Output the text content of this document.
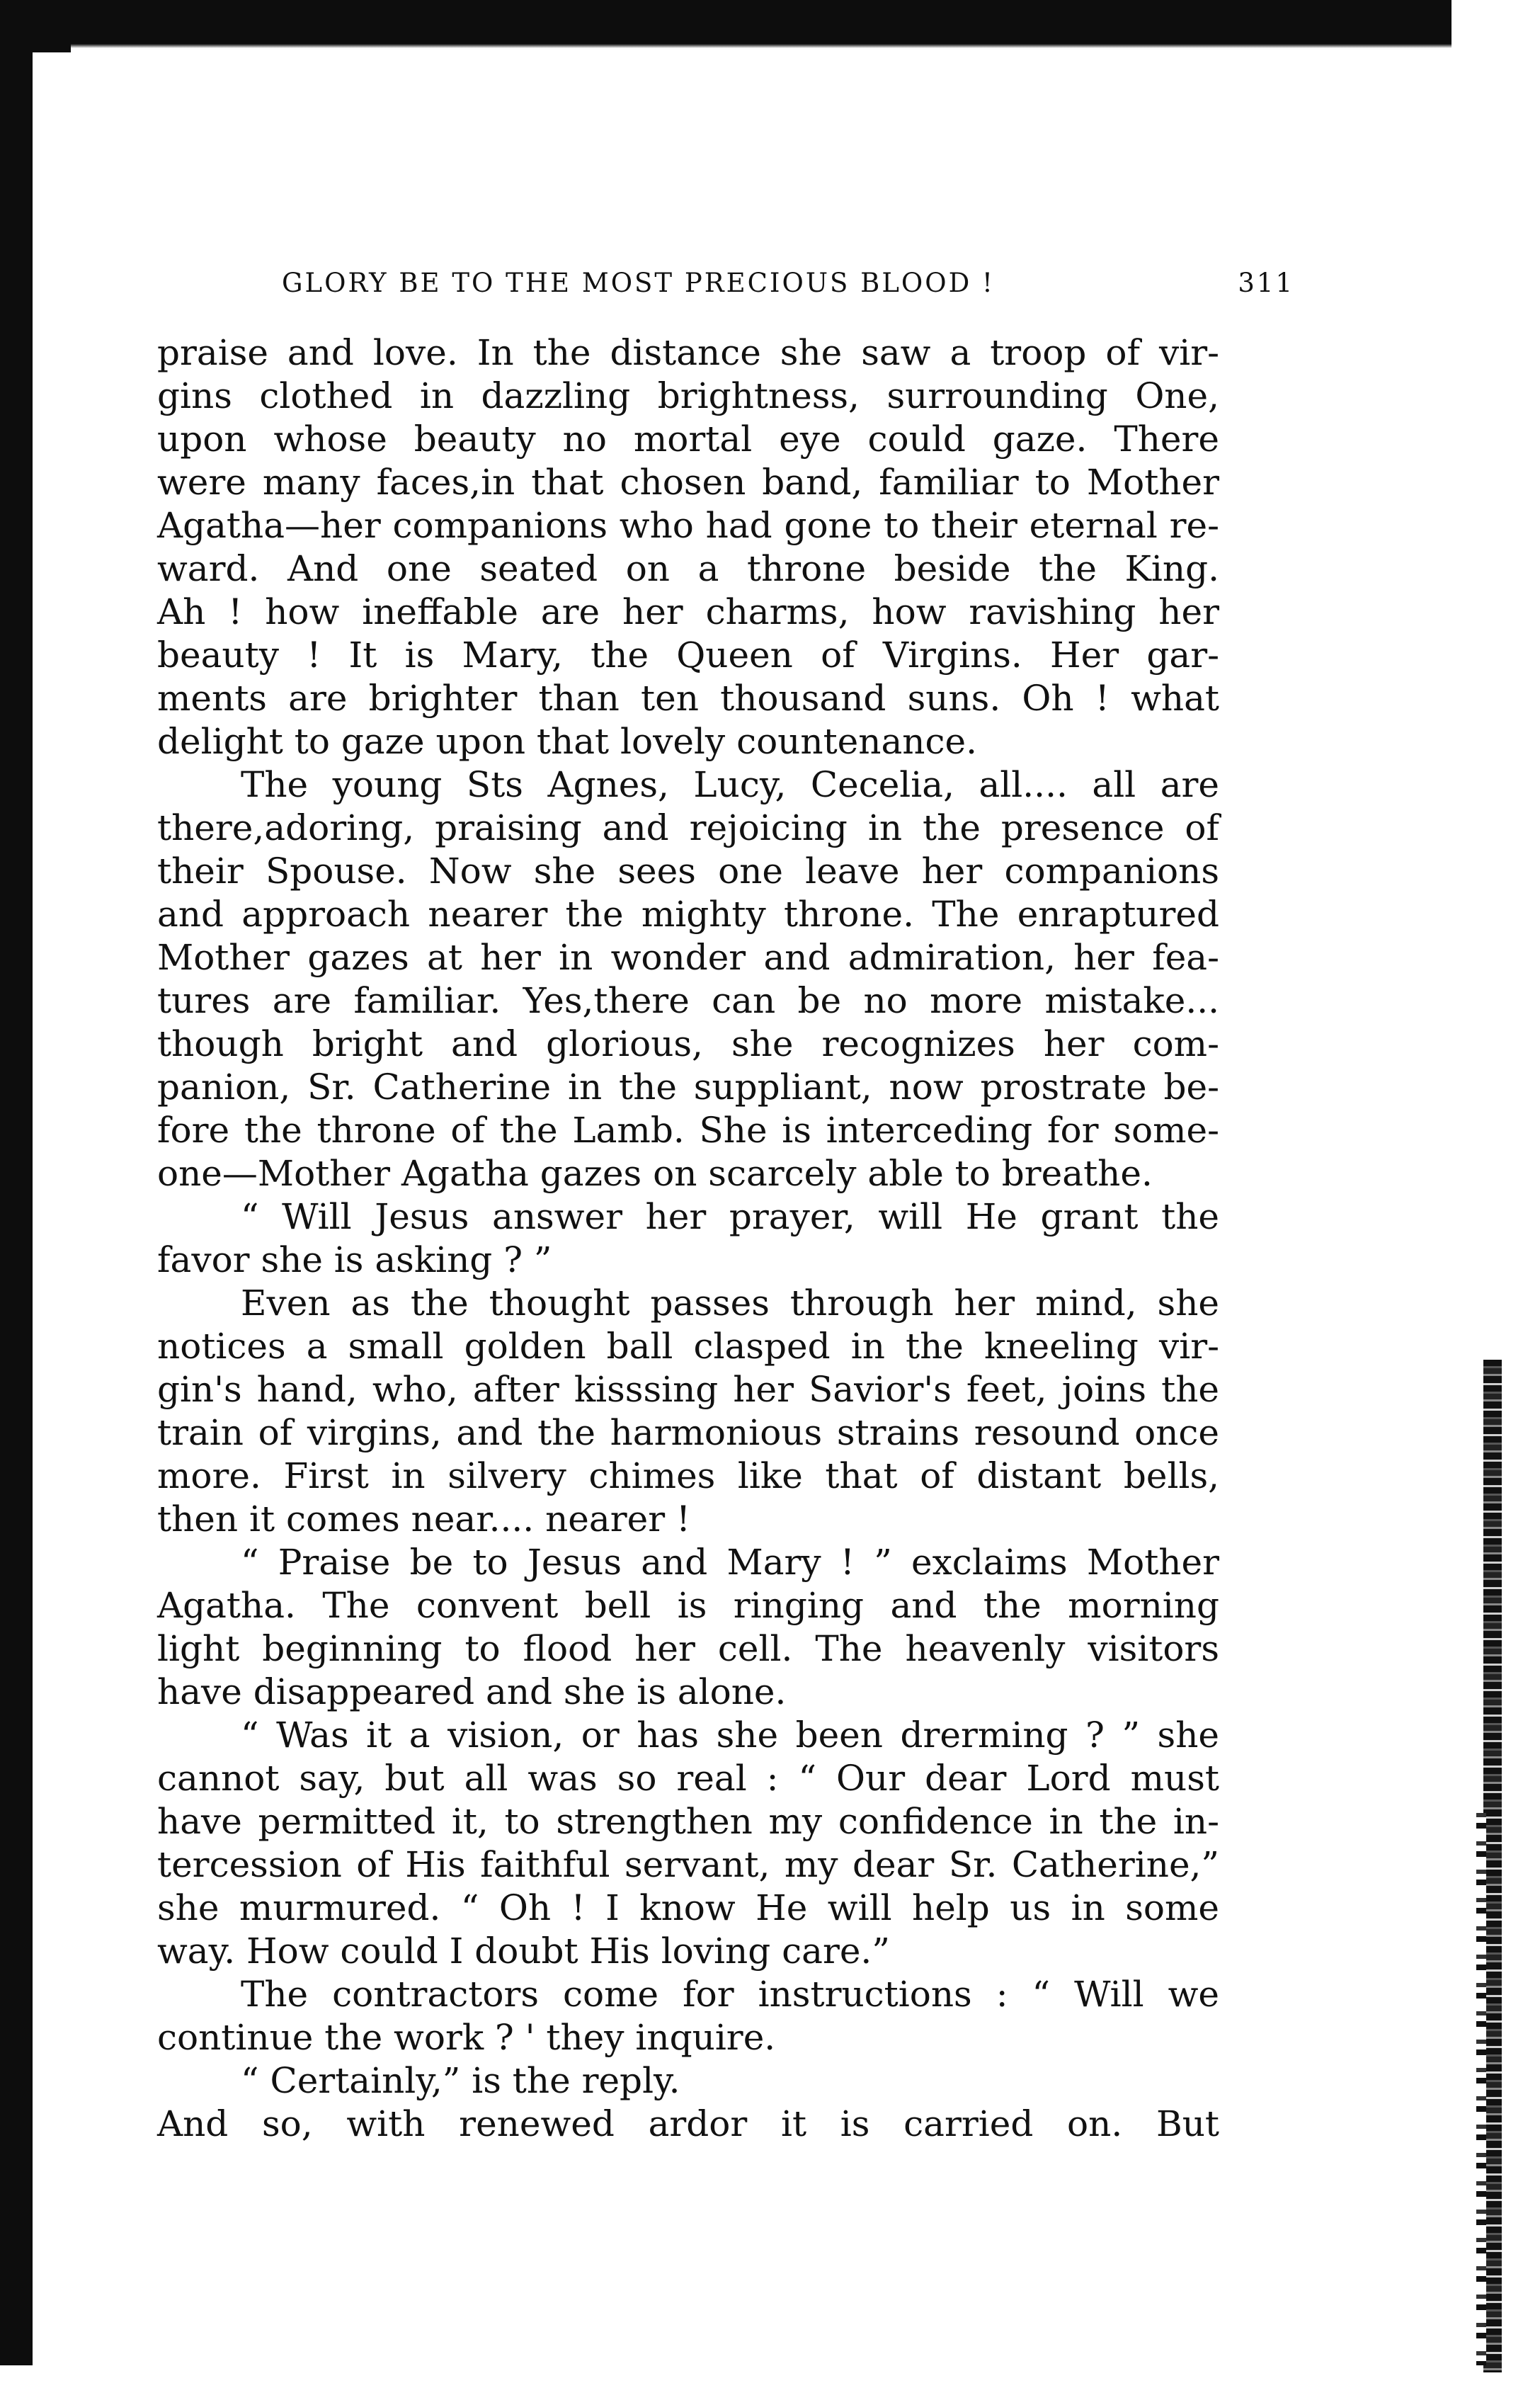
GLORY BE TO THE MOST PRECIOUS BLOOD !	311
praise and love. In the distance she saw a troop of vir-
gins clothed in dazzling brightness, surrounding One,
upon whose beauty no mortal eye could gaze. There
were many faces,in that chosen band, familiar to Mother
Agatha—her companions who had gone to their eternal re-
ward. And one seated on a throne beside the King.
Ah ! how ineffable are her charms, how ravishing her
beauty ! It is Mary, the Queen of Virgins. Her gar-
ments are brighter than ten thousand suns. Oh ! what
delight to gaze upon that lovely countenance.
The young Sts Agnes, Lucy, Cecelia, all.... all are
there,adoring, praising and rejoicing in the presence of
their Spouse. Now she sees one leave her companions
and approach nearer the mighty throne. The enraptured
Mother gazes at her in wonder and admiration, her fea-
tures are familiar. Yes,there can be no more mistake...
though bright and glorious, she recognizes her com-
panion, Sr. Catherine in the suppliant, now prostrate be-
fore the throne of the Lamb. She is interceding for some-
one—Mother Agatha gazes on scarcely able to breathe.
“ Will Jesus answer her prayer, will He grant the
favor she is asking ? ”
Even as the thought passes through her mind, she
notices a small golden ball clasped in the kneeling vir-
gin's hand, who, after kisssing her Savior's feet, joins the
train of virgins, and the harmonious strains resound once
more. First in silvery chimes like that of distant bells,
then it comes near.... nearer !
“ Praise be to Jesus and Mary ! ” exclaims Mother
Agatha. The convent bell is ringing and the morning
light beginning to flood her cell. The heavenly visitors
have disappeared and she is alone.
“ Was it a vision, or has she been drerming ? ” she
cannot say, but all was so real : “ Our dear Lord must
have permitted it, to strengthen my confidence in the in-
tercession of His faithful servant, my dear Sr. Catherine,”
she murmured. “ Oh ! I know He will help us in some
way. How could I doubt His loving care.”
The contractors come for instructions : “ Will we
continue the work ? ' they inquire.
“ Certainly,” is the reply.
And so, with renewed ardor it is carried on. But
